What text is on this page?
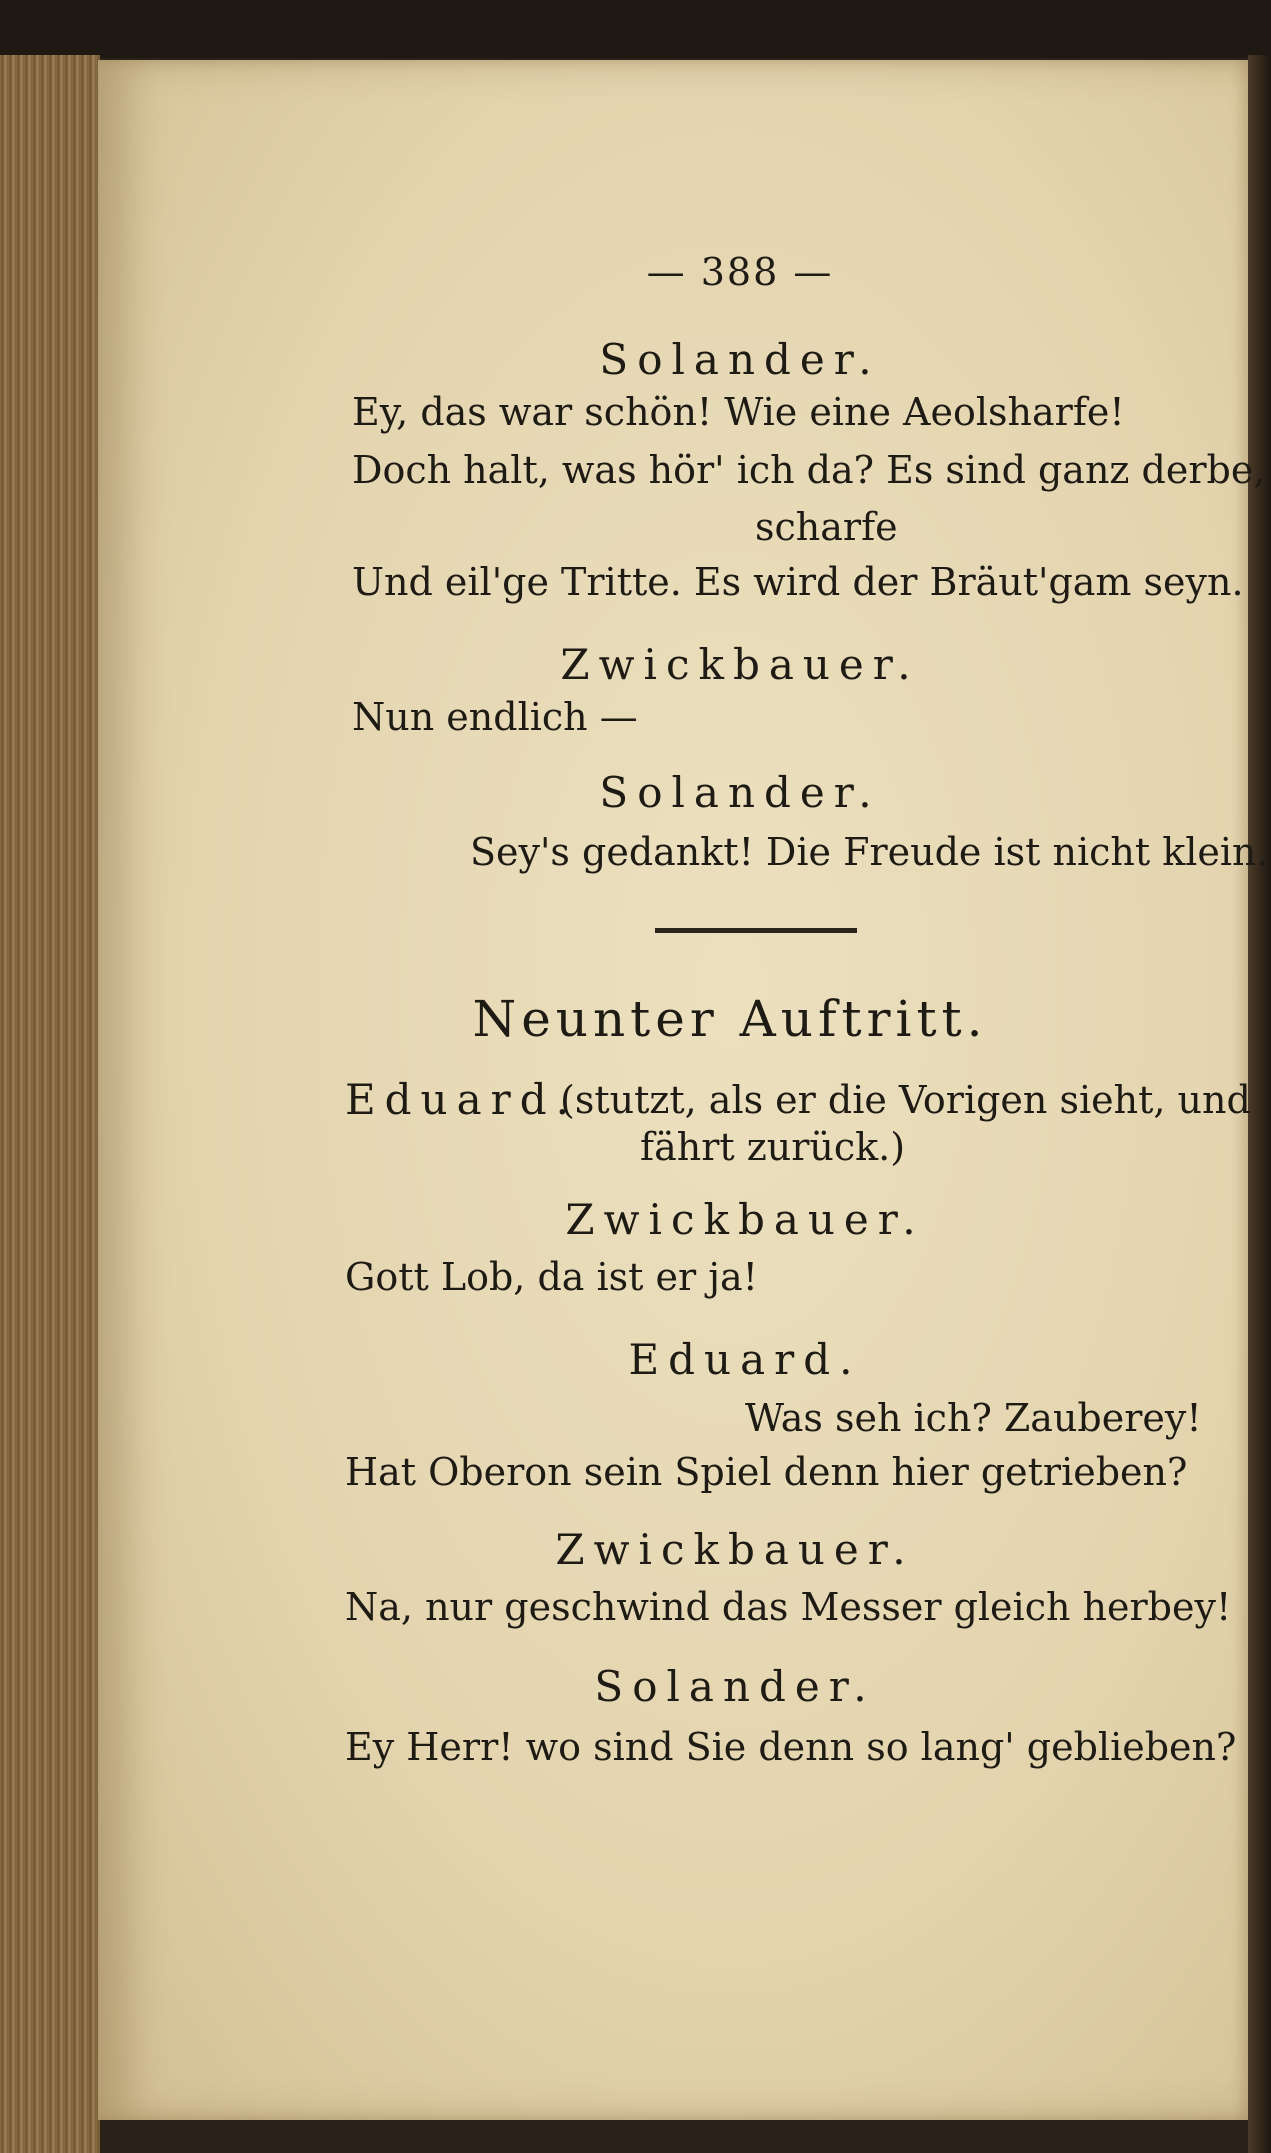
— 388 —
Solander.
Ey, das war schön! Wie eine Aeolsharfe!
Doch halt, was hör' ich da? Es sind ganz derbe,
scharfe
Und eil'ge Tritte. Es wird der Bräut'gam seyn.
Zwickbauer.
Nun endlich —
Solander.
Sey's gedankt! Die Freude ist nicht klein.
Neunter Auftritt.
Eduard.
(stutzt, als er die Vorigen sieht, und
fährt zurück.)
Zwickbauer.
Gott Lob, da ist er ja!
Eduard.
Was seh ich? Zauberey!
Hat Oberon sein Spiel denn hier getrieben?
Zwickbauer.
Na, nur geschwind das Messer gleich herbey!
Solander.
Ey Herr! wo sind Sie denn so lang' geblieben?
